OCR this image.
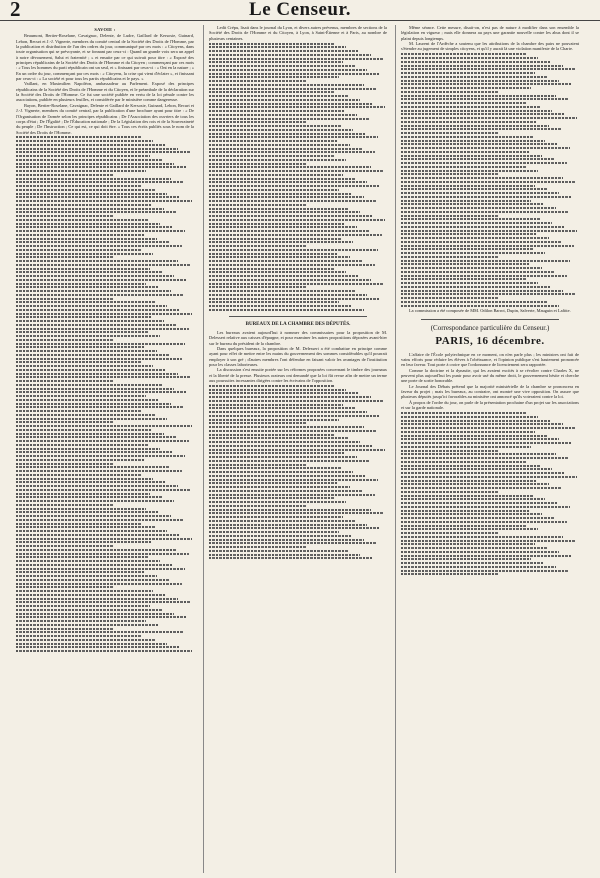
2	Le Censeur.
SAVOIE :

Beaumont, Bertier-Roselane, Cavaignac, Delente, de Ludre, Gaillard de Kersosie, Guinard, Lebon, Recurt et J.-J. Vignerte, membres du comité central de la Société des Droits de l'Homme, par la publication et distribution de l'un des ordres du jour, communiqué par ces mots : « Citoyens, dans toute organisation qui se prévoyante, et se fonnant par ceux-ci : Quand un grande voix sera un appel à notre dévouement, Salut et fraternité ; » et ensuite par ce qui suivait pour titre : « Exposé des principes républicains de la Société des Droits de l'Homme et du Citoyen ; commençant par ces mots : « Tous les hommes du parti républicain ont un seul, et » finissant par ceux-ci : « Ont en la nature ; » En un ordre du jour, commençant par ces mots : « Citoyens, la crise qui vient d'éclater », et finissant par ceux-ci : « La société et pour tous les partis républicains et le pays. »

Vaillant, en Maximilien Napoléon, ambassadeur au Parlement. Exposé des principes républicains de la Société des Droits de l'Homme et du Citoyen, et le préambule de la déclaration sur la Société des Droits de l'Homme. Ce fut une société publiée en vertu de la loi pénale contre les associations, publiée en plusieurs feuilles, et considérée par le ministère comme dangereuse.

Bayon, Bertier-Roselane, Cavaignac, Delente et Gaillard de Kersosie, Guinard, Lebon, Recurt et J.-J. Vignerte, membres du comité central, par la publication d'une brochure ayant pour titre : « De l'Organisation de l'armée selon les principes républicains ; De l'Association des ouvriers de tous les corps d'état ; De l'Égalité ; De l'Éducation nationale ; De la Législation des rois et de la Souveraineté du peuple ; De l'Instruction ; Ce qui est, ce qui doit être. » Tous ces écrits publiés sous le nom de la Société des Droits de l'Homme.

Ledit Crépu, lisait dans le journal du Lyon, et divers autres prévenus, membres de sections de la Société des Droits de l'Homme et du Citoyen, à Lyon, à Saint-Étienne et à Paris, au nombre de plusieurs centaines.

BUREAUX DE LA CHAMBRE DES DÉPUTÉS.

Les bureaux avaient aujourd'hui à nommer des commissaires pour la proposition de M. Delessert relative aux caisses d'épargne, et pour examiner les autres propositions déposées avant-hier sur le bureau du président de la chambre.

Dans quelques bureaux, la proposition de M. Delessert a été combattue en principe comme ayant pour effet de mettre entre les mains du gouvernement des sommes considérables qu'il pourrait employer à son gré ; d'autres membres l'ont défendue en faisant valoir les avantages de l'institution pour les classes laborieuses.

La discussion s'est ensuite portée sur les réformes proposées concernant le timbre des journaux et la liberté de la presse. Plusieurs orateurs ont demandé que la loi fût revue afin de mettre un terme aux poursuites incessantes dirigées contre les écrivains de l'opposition.

Même séance. Cette mesure, disait-on, n'est pas de nature à modifier dans son ensemble la législation en vigueur ; mais elle donnera au pays une garantie nouvelle contre les abus dont il se plaint depuis longtemps.

M. Laurent de l'Ardèche a soutenu que les attributions de la chambre des pairs ne pouvaient s'étendre au jugement de simples citoyens, et qu'il y aurait là une violation manifeste de la Charte.

La commission a été composée de MM. Odilon Barrot, Dupin, Salverte, Mauguin et Lafitte.

(Correspondance particulière du Censeur.)
PARIS, 16 décembre.

L'affaire de l'École polytechnique en ce moment, on n'en parle plus ; les ministres ont fait de vains efforts pour réduire les élèves à l'obéissance, et l'opinion publique s'est hautement prononcée en leur faveur. Tout porte à croire que l'ordonnance de licenciement sera rapportée.

Comme la doctrine et la dynastie, qui les avaient excités à se révolter contre Charles X, ne peuvent plus aujourd'hui les punir pour avoir usé du même droit, le gouvernement hésite et cherche une porte de sortie honorable.

Le Journal des Débats prétend que la majorité ministérielle de la chambre se prononcera en faveur du projet ; mais les bureaux, au contraire, ont montré une vive opposition. On assure que plusieurs députés jusqu'ici favorables au ministère ont annoncé qu'ils voteraient contre la loi.

À propos de l'ordre du jour, on parle de la présentation prochaine d'un projet sur les associations et sur la garde nationale.
